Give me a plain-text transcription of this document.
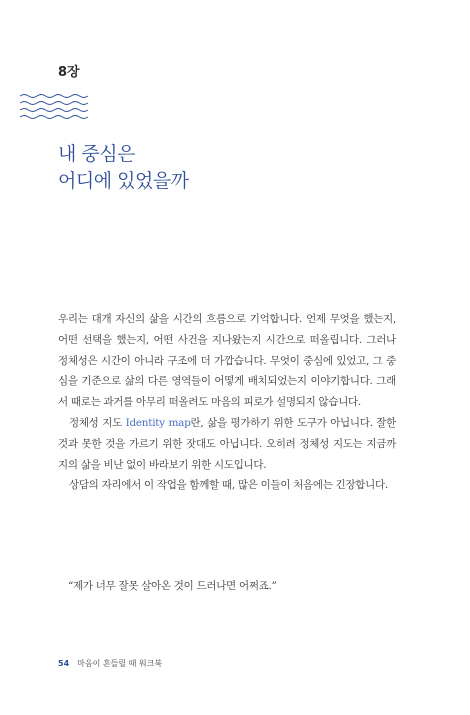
8장
내 중심은
어디에 있었을까

우리는 대개 자신의 삶을 시간의 흐름으로 기억합니다. 언제 무엇을 했는지, 어떤 선택을 했는지, 어떤 사건을 지나왔는지 시간으로 떠올립니다. 그러나 정체성은 시간이 아니라 구조에 더 가깝습니다. 무엇이 중심에 있었고, 그 중심을 기준으로 삶의 다른 영역들이 어떻게 배치되었는지 이야기합니다. 그래서 때로는 과거를 아무리 떠올려도 마음의 피로가 설명되지 않습니다.

정체성 지도 Identity map란, 삶을 평가하기 위한 도구가 아닙니다. 잘한 것과 못한 것을 가르기 위한 잣대도 아닙니다. 오히려 정체성 지도는 지금까지의 삶을 비난 없이 바라보기 위한 시도입니다.

상담의 자리에서 이 작업을 함께할 때, 많은 이들이 처음에는 긴장합니다.

“제가 너무 잘못 살아온 것이 드러나면 어쩌죠.”
54 마음이 흔들릴 때 워크북
